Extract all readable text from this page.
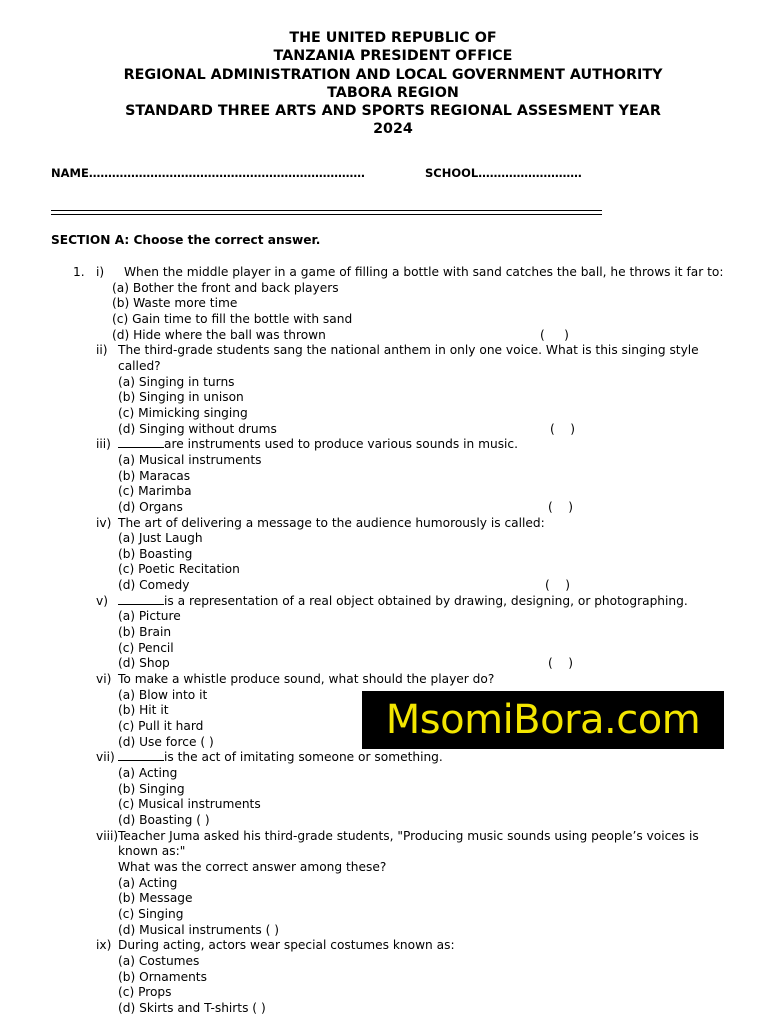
THE UNITED REPUBLIC OF
TANZANIA PRESIDENT OFFICE
REGIONAL ADMINISTRATION AND LOCAL GOVERNMENT AUTHORITY
TABORA REGION
STANDARD THREE ARTS AND SPORTS REGIONAL ASSESMENT YEAR
2024
NAME………………………………………………………………	SCHOOL………………………
SECTION A: Choose the correct answer.
1. i)	When the middle player in a game of filling a bottle with sand catches the ball, he throws it far to:
(a) Bother the front and back players
(b) Waste more time
(c) Gain time to fill the bottle with sand
(d) Hide where the ball was thrown	(     )
ii) The third-grade students sang the national anthem in only one voice. What is this singing style
called?
(a) Singing in turns
(b) Singing in unison
(c) Mimicking singing
(d) Singing without drums	(    )
iii)	are instruments used to produce various sounds in music.
(a) Musical instruments
(b) Maracas
(c) Marimba
(d) Organs	(    )
iv) The art of delivering a message to the audience humorously is called:
(a) Just Laugh
(b) Boasting
(c) Poetic Recitation
(d) Comedy	(    )
v)	is a representation of a real object obtained by drawing, designing, or photographing.
(a) Picture
(b) Brain
(c) Pencil
(d) Shop	(    )
vi) To make a whistle produce sound, what should the player do?
(a) Blow into it
(b) Hit it
(c) Pull it hard
(d) Use force ( )
vii)	is the act of imitating someone or something.
(a) Acting
(b) Singing
(c) Musical instruments
(d) Boasting ( )
viii) Teacher Juma asked his third-grade students, "Producing music sounds using people’s voices is
known as:"
What was the correct answer among these?
(a) Acting
(b) Message
(c) Singing
(d) Musical instruments ( )
ix) During acting, actors wear special costumes known as:
(a) Costumes
(b) Ornaments
(c) Props
(d) Skirts and T-shirts ( )
MsomiBora.com
